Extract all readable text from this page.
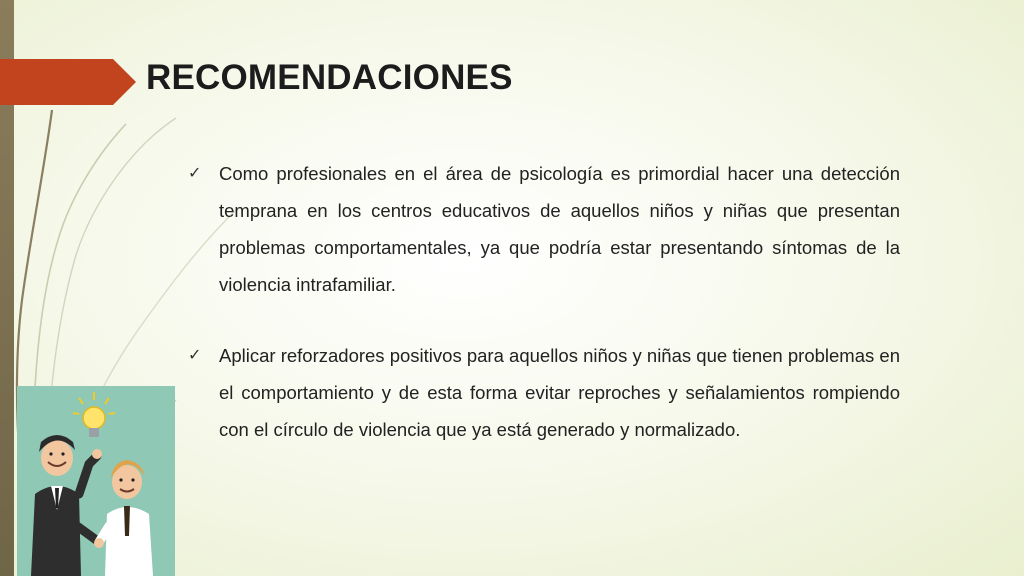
RECOMENDACIONES
✓ Como profesionales en el área de psicología es primordial hacer una detección temprana en los centros educativos de aquellos niños y niñas que presentan problemas comportamentales, ya que podría estar presentando síntomas de la violencia intrafamiliar.
✓ Aplicar reforzadores positivos para aquellos niños y niñas que tienen problemas en el comportamiento y de esta forma evitar reproches y señalamientos rompiendo con el círculo de violencia que ya está generado y normalizado.
